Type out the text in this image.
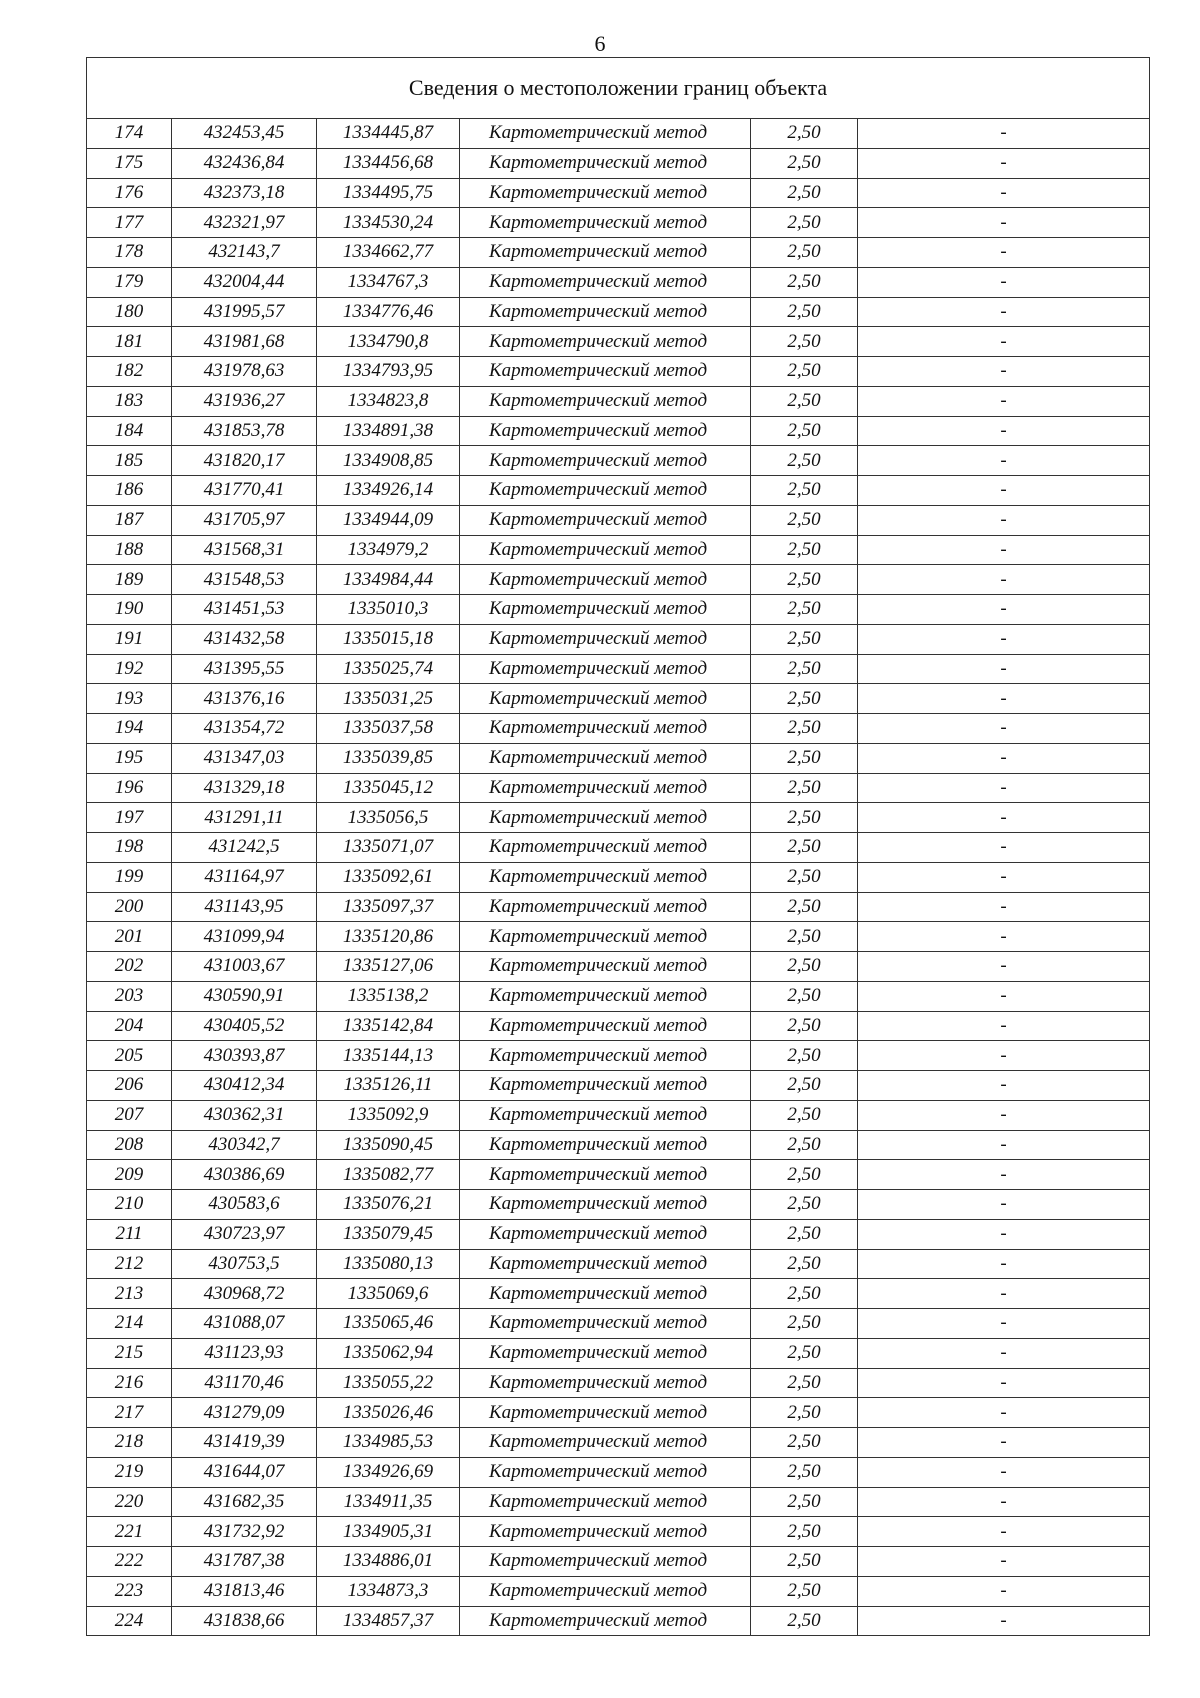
6
Сведения о местоположении границ объекта					
174	432453,45	1334445,87	Картометрический метод	2,50	-
175	432436,84	1334456,68	Картометрический метод	2,50	-
176	432373,18	1334495,75	Картометрический метод	2,50	-
177	432321,97	1334530,24	Картометрический метод	2,50	-
178	432143,7	1334662,77	Картометрический метод	2,50	-
179	432004,44	1334767,3	Картометрический метод	2,50	-
180	431995,57	1334776,46	Картометрический метод	2,50	-
181	431981,68	1334790,8	Картометрический метод	2,50	-
182	431978,63	1334793,95	Картометрический метод	2,50	-
183	431936,27	1334823,8	Картометрический метод	2,50	-
184	431853,78	1334891,38	Картометрический метод	2,50	-
185	431820,17	1334908,85	Картометрический метод	2,50	-
186	431770,41	1334926,14	Картометрический метод	2,50	-
187	431705,97	1334944,09	Картометрический метод	2,50	-
188	431568,31	1334979,2	Картометрический метод	2,50	-
189	431548,53	1334984,44	Картометрический метод	2,50	-
190	431451,53	1335010,3	Картометрический метод	2,50	-
191	431432,58	1335015,18	Картометрический метод	2,50	-
192	431395,55	1335025,74	Картометрический метод	2,50	-
193	431376,16	1335031,25	Картометрический метод	2,50	-
194	431354,72	1335037,58	Картометрический метод	2,50	-
195	431347,03	1335039,85	Картометрический метод	2,50	-
196	431329,18	1335045,12	Картометрический метод	2,50	-
197	431291,11	1335056,5	Картометрический метод	2,50	-
198	431242,5	1335071,07	Картометрический метод	2,50	-
199	431164,97	1335092,61	Картометрический метод	2,50	-
200	431143,95	1335097,37	Картометрический метод	2,50	-
201	431099,94	1335120,86	Картометрический метод	2,50	-
202	431003,67	1335127,06	Картометрический метод	2,50	-
203	430590,91	1335138,2	Картометрический метод	2,50	-
204	430405,52	1335142,84	Картометрический метод	2,50	-
205	430393,87	1335144,13	Картометрический метод	2,50	-
206	430412,34	1335126,11	Картометрический метод	2,50	-
207	430362,31	1335092,9	Картометрический метод	2,50	-
208	430342,7	1335090,45	Картометрический метод	2,50	-
209	430386,69	1335082,77	Картометрический метод	2,50	-
210	430583,6	1335076,21	Картометрический метод	2,50	-
211	430723,97	1335079,45	Картометрический метод	2,50	-
212	430753,5	1335080,13	Картометрический метод	2,50	-
213	430968,72	1335069,6	Картометрический метод	2,50	-
214	431088,07	1335065,46	Картометрический метод	2,50	-
215	431123,93	1335062,94	Картометрический метод	2,50	-
216	431170,46	1335055,22	Картометрический метод	2,50	-
217	431279,09	1335026,46	Картометрический метод	2,50	-
218	431419,39	1334985,53	Картометрический метод	2,50	-
219	431644,07	1334926,69	Картометрический метод	2,50	-
220	431682,35	1334911,35	Картометрический метод	2,50	-
221	431732,92	1334905,31	Картометрический метод	2,50	-
222	431787,38	1334886,01	Картометрический метод	2,50	-
223	431813,46	1334873,3	Картометрический метод	2,50	-
224	431838,66	1334857,37	Картометрический метод	2,50	-
